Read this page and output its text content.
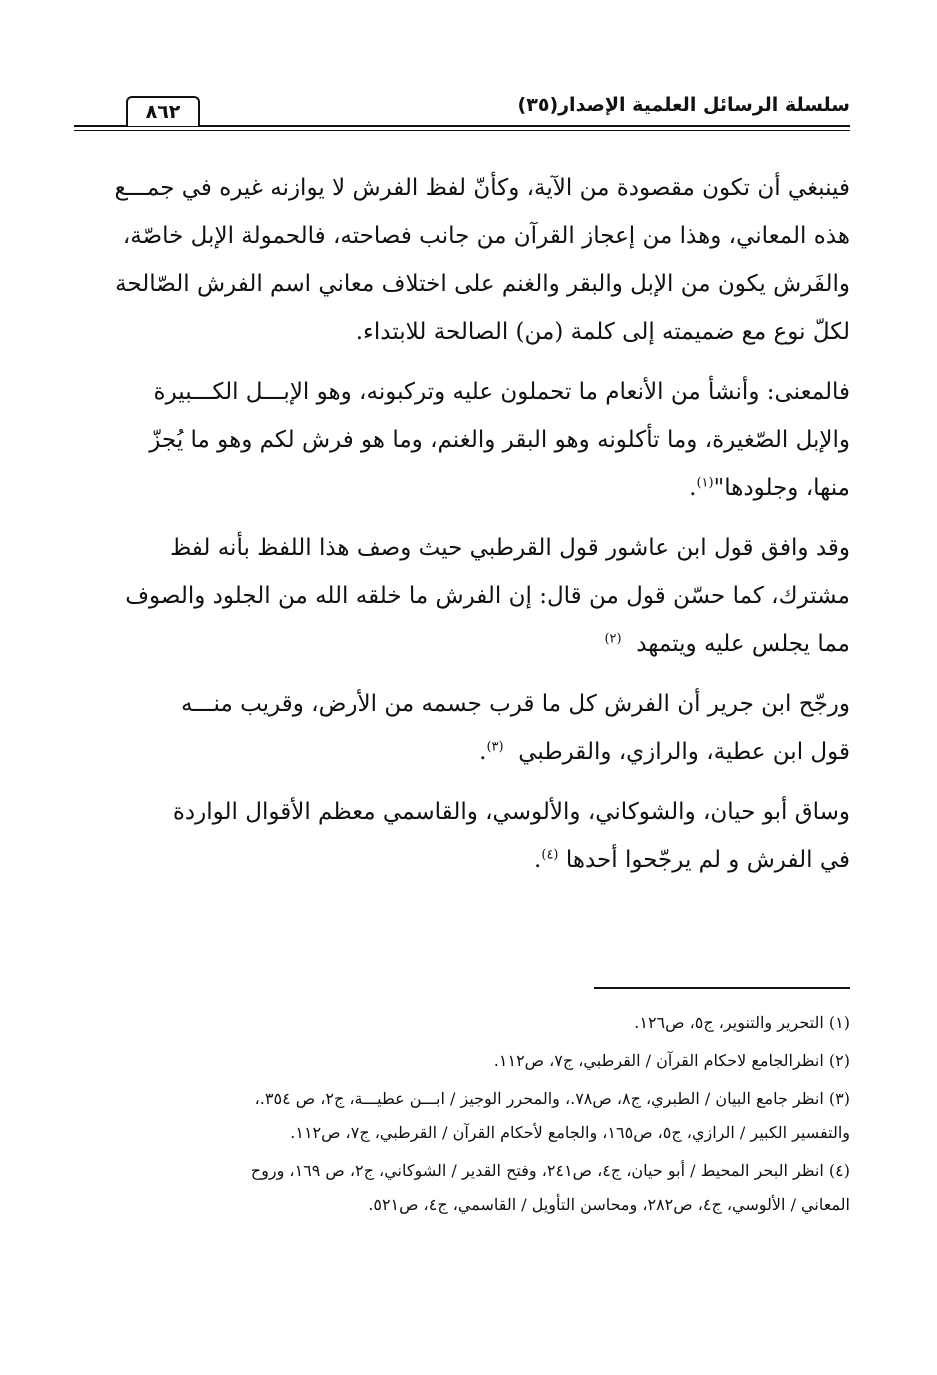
سلسلة الرسائل العلمية الإصدار(٣٥)
٨٦٢
فينبغي أن تكون مقصودة من الآية، وكأنّ لفظ الفرش لا يوازنه غيره في جمـــع
هذه المعاني، وهذا من إعجاز القرآن من جانب فصاحته، فالحمولة الإبل خاصّة،
والفَرش يكون من الإبل والبقر والغنم على اختلاف معاني اسم الفرش الصّالحة
لكلّ نوع مع ضميمته إلى كلمة (من) الصالحة للابتداء.
فالمعنى: وأنشأ من الأنعام ما تحملون عليه وتركبونه، وهو الإبـــل الكـــبيرة
والإبل الصّغيرة، وما تأكلونه وهو البقر والغنم، وما هو فرش لكم وهو ما يُجزّ
منها، وجلودها"$^{(١)}$.
وقد وافق قول ابن عاشور قول القرطبي حيث وصف هذا اللفظ بأنه لفظ
مشترك، كما حسّن قول من قال: إن الفرش ما خلقه الله من الجلود والصوف
مما يجلس عليه ويتمهد  $^{(٢)}$
ورجّح ابن جرير أن الفرش كل ما قرب جسمه من الأرض، وقريب منـــه
قول ابن عطية، والرازي، والقرطبي  $^{(٣)}$.
وساق أبو حيان، والشوكاني، والألوسي، والقاسمي معظم الأقوال الواردة
في الفرش و لم يرجّحوا أحدها $^{(٤)}$.
(١) التحرير والتنوير، ج٥، ص١٢٦.
(٢) انظرالجامع لاحكام القرآن / القرطبي، ج٧، ص١١٢.
(٣) انظر جامع البيان / الطبري، ج٨، ص٧٨.، والمحرر الوجيز / ابـــن عطيـــة، ج٢، ص ٣٥٤.،
والتفسير الكبير / الرازي، ج٥، ص١٦٥، والجامع لأحكام القرآن / القرطبي، ج٧، ص١١٢.
(٤) انظر البحر المحيط / أبو حيان، ج٤، ص٢٤١، وفتح القدير / الشوكاني، ج٢، ص ١٦٩، وروح
المعاني / الألوسي، ج٤، ص٢٨٢، ومحاسن التأويل / القاسمي، ج٤، ص٥٢١.
